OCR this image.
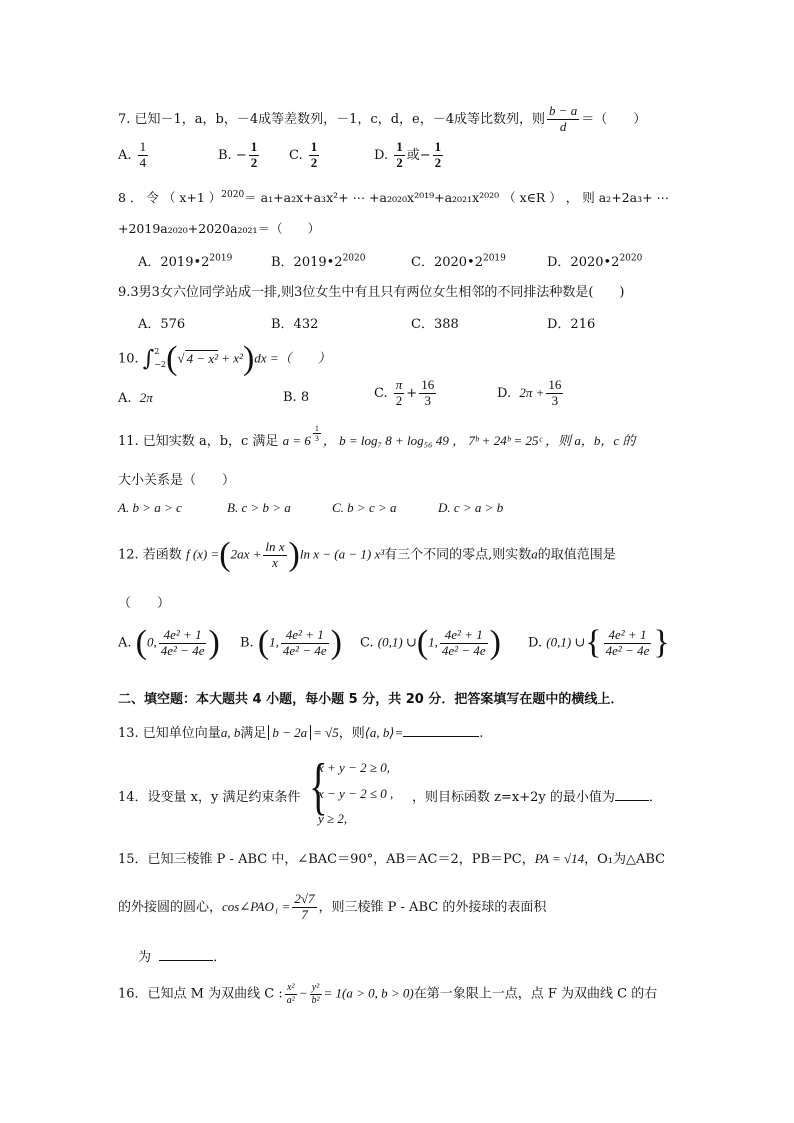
7. 已知－1，a，b，－4成等差数列，－1，c，d，e，－4成等比数列，则 $\frac{b - a}{d}$ ＝（　　）
A. $\frac{1}{4}$	B. − $\frac{1}{2} C$. $\frac{1}{2}$	D. $\frac{1}{2}$ 或− $\frac{1}{2}$
8 ． 令 （ x+1 ）$^{2020}$＝ a₁+a₂x+a₃x²+ ⋯ +a₂₀₂₀x²⁰¹⁹+a₂₀₂₁x²⁰²⁰ （ x∈R ） ， 则 a₂+2a₃+ ⋯
+2019a₂₀₂₀+2020a₂₀₂₁＝（　　）
A．$2019•2^{2019}$	B．$2019•2^{2020}$	C．$2020•2^{2019}$	D．$2020•2^{2020}$
9.3男3女六位同学站成一排,则3位女生中有且只有两位女生相邻的不同排法种数是(　　)
A．576	B．432	C．388	D．216
10. ∫ 2
−2 (√ 4 − x² + x²)dx =（　　）
A. 2π	B. 8	C. $\frac{\pi}{2} + \frac{16}{3}$	D. $2\pi + \frac{16}{3}$
11. 已知实数 a，b，c 满足 $a = 6 \frac{1}{3}$ ， b = log₇ 8 + log₅₆ 49 ， 7ᵇ + 24ᵇ = 25ᶜ ，则 a，b，c 的
大小关系是（　　）
A. b > a > c	B. c > b > a	C. b > c > a	D. c > a > b
12. 若函数 f $(x) =(2ax + \frac{\text{ln x}}{x} )\ln$ x − (a − 1) x³有三个不同的零点,则实数a的取值范围是
（　　）
A. (0, $\frac{\text{4e² + 1}}{\text{4e² − 4e}}$ ) B. (1, $\frac{\text{4e² + 1}}{\text{4e² − 4e}}$ ) C. (0,1) ∪(1, $\frac{\text{4e² + 1}}{\text{4e² − 4e}}$ ) D. (0,1) ∪{ $\frac{\text{4e² + 1}}{\text{4e² − 4e}}$ }
二、填空题：本大题共 4 小题，每小题 5 分，共 20 分．把答案填写在题中的横线上．
13. 已知单位向量a, b满足 b − 2a = √5，则⟨a, b⟩=	.
14．设变量 x，y 满足约束条件 {
x + y − 2 ≥ 0,
x − y − 2 ≤ 0 ,
y ≥ 2,
，则目标函数 z=x+2y 的最小值为	．
15．已知三棱锥 P - ABC 中，∠BAC＝90°，AB＝AC＝2，PB＝PC，PA = √14，O₁为△ABC
的外接圆的圆心，cos∠PAO₁ = $\frac{2√7}{7}$ ，则三棱锥 P - ABC 的外接球的表面积
为	．
16．已知点 M 为双曲线 C : $\frac{\text{x²}}{\text{a²}} - \frac{\text{y²}}{\text{b²}} = 1(a > 0$, b > 0)在第一象限上一点，点 F 为双曲线 C 的右
